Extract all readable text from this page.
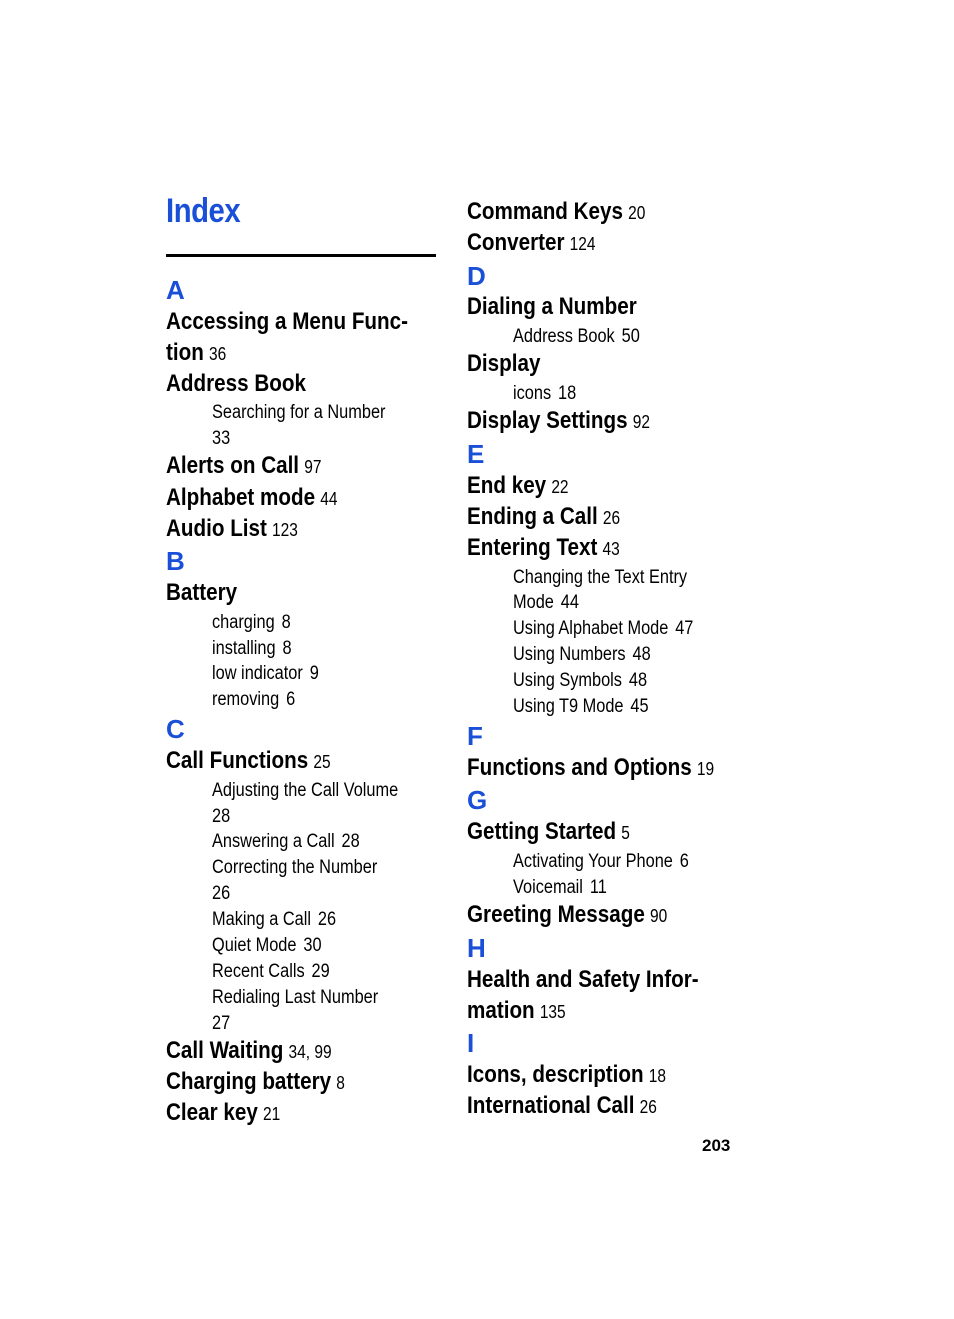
Index
A
Accessing a Menu Func-
tion 36
Address Book
Searching for a Number
33
Alerts on Call 97
Alphabet mode 44
Audio List 123
B
Battery
charging 8
installing 8
low indicator 9
removing 6
C
Call Functions 25
Adjusting the Call Volume
28
Answering a Call 28
Correcting the Number
26
Making a Call 26
Quiet Mode 30
Recent Calls 29
Redialing Last Number
27
Call Waiting 34, 99
Charging battery 8
Clear key 21
Command Keys 20
Converter 124
D
Dialing a Number
Address Book 50
Display
icons 18
Display Settings 92
E
End key 22
Ending a Call 26
Entering Text 43
Changing the Text Entry
Mode 44
Using Alphabet Mode 47
Using Numbers 48
Using Symbols 48
Using T9 Mode 45
F
Functions and Options 19
G
Getting Started 5
Activating Your Phone 6
Voicemail 11
Greeting Message 90
H
Health and Safety Infor-
mation 135
I
Icons, description 18
International Call 26
203
